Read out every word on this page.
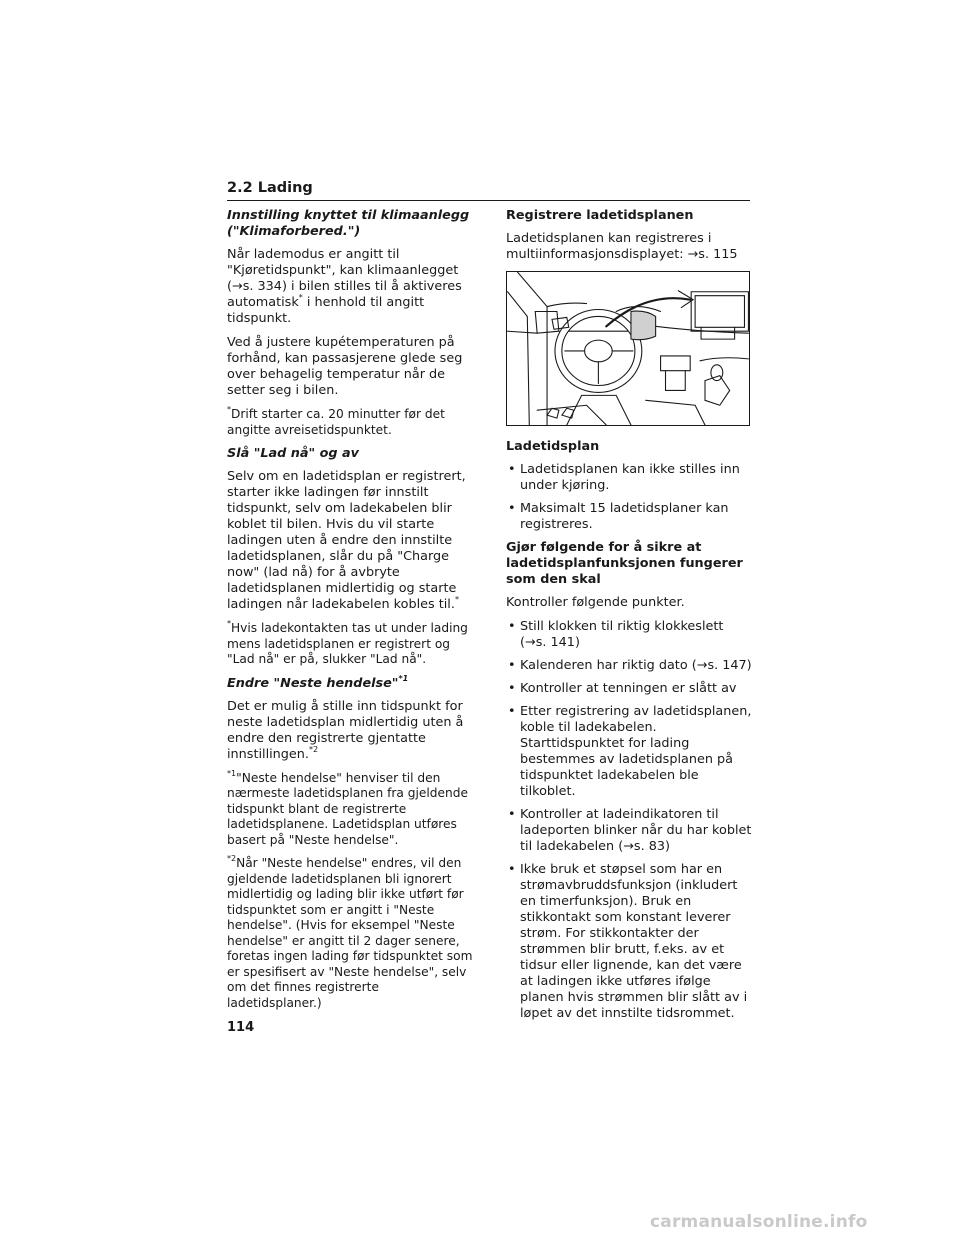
2.2 Lading

Innstilling knyttet til klimaanlegg ("Klimaforbered.")

Når lademodus er angitt til "Kjøretidspunkt", kan klimaanlegget (→s. 334) i bilen stilles til å aktiveres automatisk* i henhold til angitt tidspunkt.

Ved å justere kupétemperaturen på forhånd, kan passasjerene glede seg over behagelig temperatur når de setter seg i bilen.

*Drift starter ca. 20 minutter før det angitte avreisetidspunktet.

Slå "Lad nå" og av

Selv om en ladetidsplan er registrert, starter ikke ladingen før innstilt tidspunkt, selv om ladekabelen blir koblet til bilen. Hvis du vil starte ladingen uten å endre den innstilte ladetidsplanen, slår du på "Charge now" (lad nå) for å avbryte ladetidsplanen midlertidig og starte ladingen når ladekabelen kobles til.*

*Hvis ladekontakten tas ut under lading mens ladetidsplanen er registrert og "Lad nå" er på, slukker "Lad nå".

Endre "Neste hendelse"$^{*1}$

Det er mulig å stille inn tidspunkt for neste ladetidsplan midlertidig uten å endre den registrerte gjentatte innstillingen.$^{*2}$

$^{*1}$"Neste hendelse" henviser til den nærmeste ladetidsplanen fra gjeldende tidspunkt blant de registrerte ladetidsplanene. Ladetidsplan utføres basert på "Neste hendelse".

$^{*2}$Når "Neste hendelse" endres, vil den gjeldende ladetidsplanen bli ignorert midlertidig og lading blir ikke utført før tidspunktet som er angitt i "Neste hendelse". (Hvis for eksempel "Neste hendelse" er angitt til 2 dager senere, foretas ingen lading før tidspunktet som er spesifisert av "Neste hendelse", selv om det finnes registrerte ladetidsplaner.)

Registrere ladetidsplanen

Ladetidsplanen kan registreres i multiinformasjonsdisplayet: →s. 115

Ladetidsplan

• Ladetidsplanen kan ikke stilles inn under kjøring.
• Maksimalt 15 ladetidsplaner kan registreres.

Gjør følgende for å sikre at ladetidsplanfunksjonen fungerer som den skal

Kontroller følgende punkter.

• Still klokken til riktig klokkeslett (→s. 141)
• Kalenderen har riktig dato (→s. 147)
• Kontroller at tenningen er slått av
• Etter registrering av ladetidsplanen, koble til ladekabelen. Starttidspunktet for lading bestemmes av ladetidsplanen på tidspunktet ladekabelen ble tilkoblet.
• Kontroller at ladeindikatoren til ladeporten blinker når du har koblet til ladekabelen (→s. 83)
• Ikke bruk et støpsel som har en strømavbruddsfunksjon (inkludert en timerfunksjon). Bruk en stikkontakt som konstant leverer strøm. For stikkontakter der strømmen blir brutt, f.eks. av et tidsur eller lignende, kan det være at ladingen ikke utføres ifølge planen hvis strømmen blir slått av i løpet av det innstilte tidsrommet.
114
carmanualsonline.info
